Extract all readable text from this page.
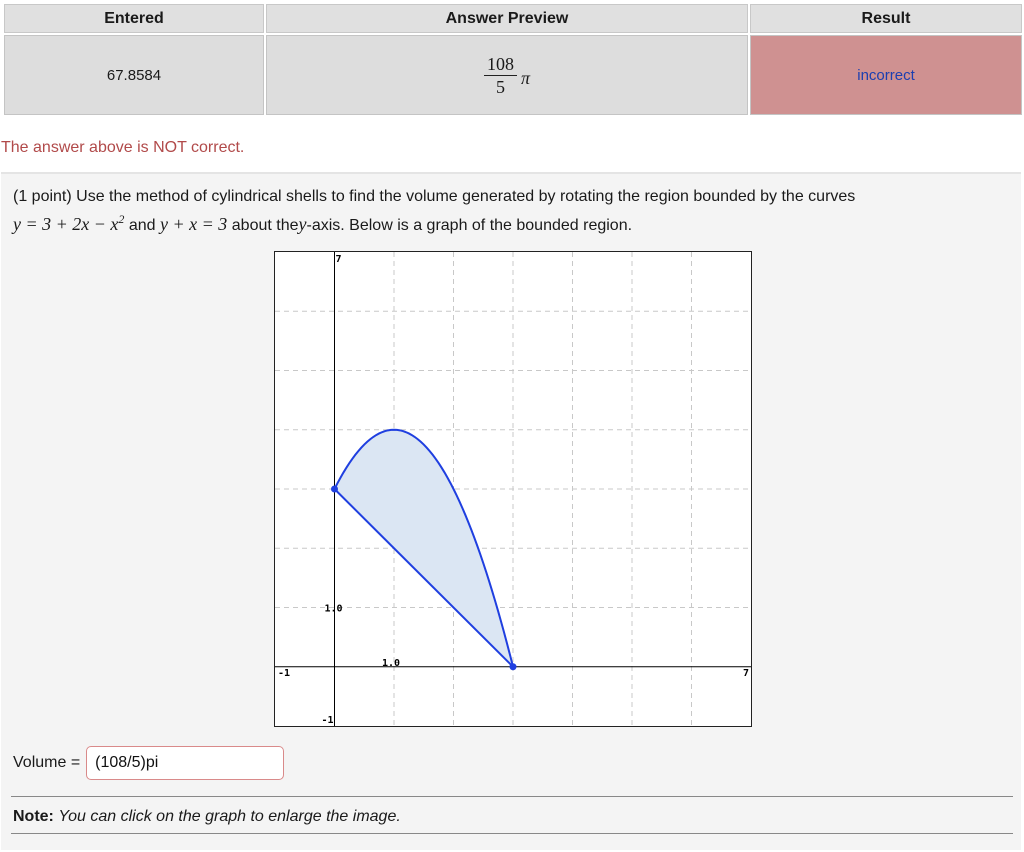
Entered	Answer Preview	Result
67.8584	$\frac{108}{5}$ π	incorrect
The answer above is NOT correct.
(1 point) Use the method of cylindrical shells to find the volume generated by rotating the region bounded by the curves
$y = 3 + 2x - x^2$ and y + x = 3 about they-axis. Below is a graph of the bounded region.
-1	7
-1
7
1.0
1.0
Volume =
(108/5)pi
Note: You can click on the graph to enlarge the image.
